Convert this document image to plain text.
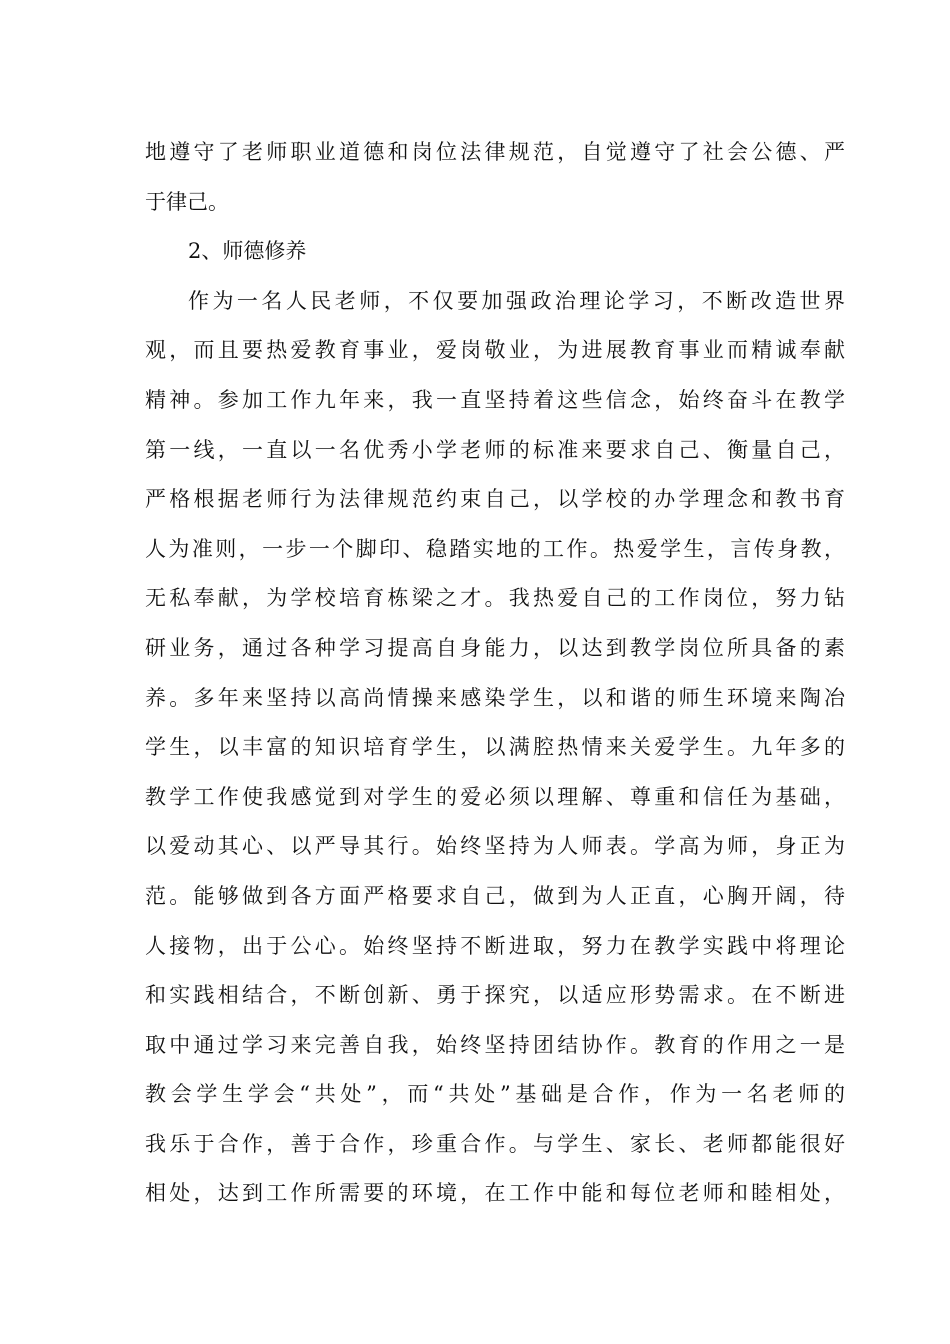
地遵守了老师职业道德和岗位法律规范，自觉遵守了社会公德、严
于律己。
2、师德修养
作为一名人民老师，不仅要加强政治理论学习，不断改造世界
观，而且要热爱教育事业，爱岗敬业，为进展教育事业而精诚奉献
精神。参加工作九年来，我一直坚持着这些信念，始终奋斗在教学
第一线，一直以一名优秀小学老师的标准来要求自己、衡量自己，
严格根据老师行为法律规范约束自己，以学校的办学理念和教书育
人为准则，一步一个脚印、稳踏实地的工作。热爱学生，言传身教，
无私奉献，为学校培育栋梁之才。我热爱自己的工作岗位，努力钻
研业务，通过各种学习提高自身能力，以达到教学岗位所具备的素
养。多年来坚持以高尚情操来感染学生，以和谐的师生环境来陶冶
学生，以丰富的知识培育学生，以满腔热情来关爱学生。九年多的
教学工作使我感觉到对学生的爱必须以理解、尊重和信任为基础，
以爱动其心、以严导其行。始终坚持为人师表。学高为师，身正为
范。能够做到各方面严格要求自己，做到为人正直，心胸开阔，待
人接物，出于公心。始终坚持不断进取，努力在教学实践中将理论
和实践相结合，不断创新、勇于探究，以适应形势需求。在不断进
取中通过学习来完善自我，始终坚持团结协作。教育的作用之一是
教会学生学会“共处”，而“共处”基础是合作，作为一名老师的
我乐于合作，善于合作，珍重合作。与学生、家长、老师都能很好
相处，达到工作所需要的环境，在工作中能和每位老师和睦相处，
